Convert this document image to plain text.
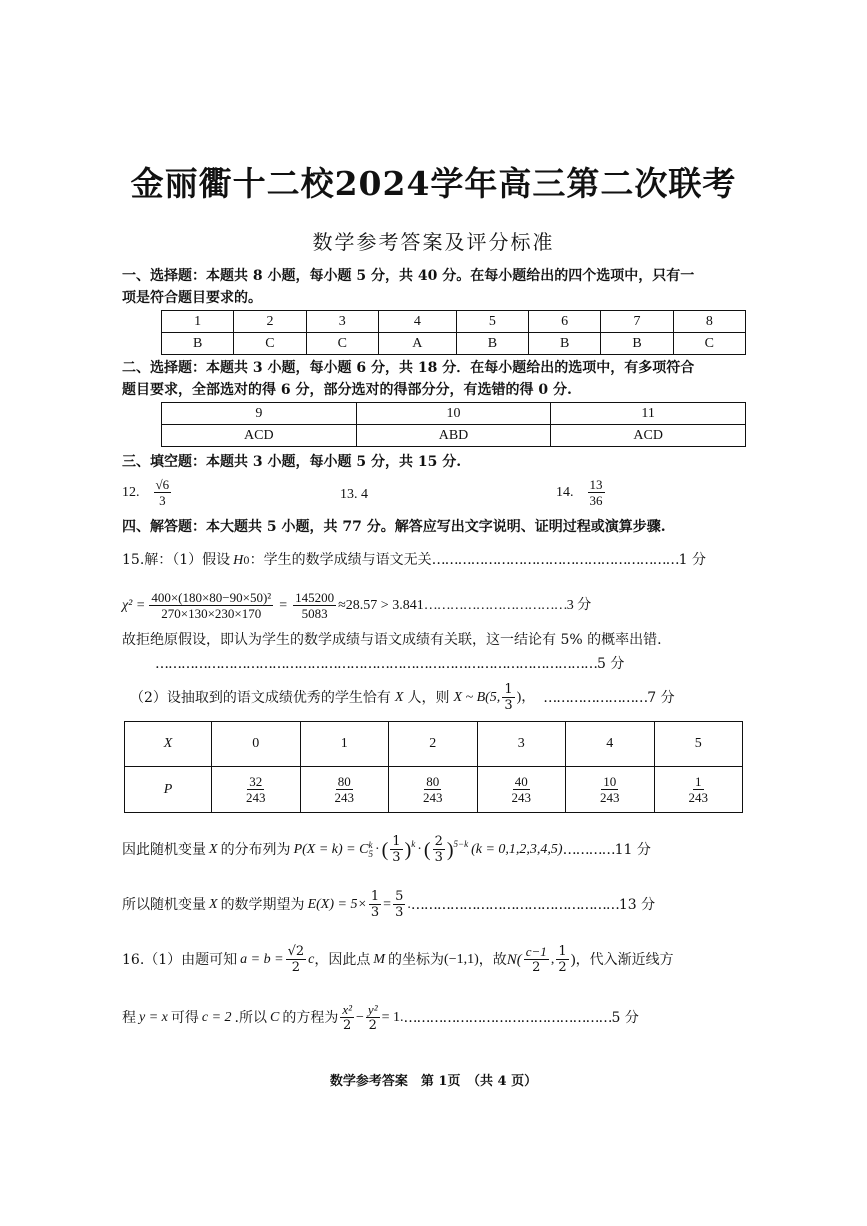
金丽衢十二校2024学年高三第二次联考
数学参考答案及评分标准
一、选择题：本题共 8 小题，每小题 5 分，共 40 分。在每小题给出的四个选项中，只有一
项是符合题目要求的。
1	2	3	4	5	6	7	8
B	C	C	A	B	B	B	C
二、选择题：本题共 3 小题，每小题 6 分，共 18 分．在每小题给出的选项中，有多项符合
题目要求，全部选对的得 6 分，部分选对的得部分分，有选错的得 0 分.
9	10	11
ACD	ABD	ACD
三、填空题：本题共 3 小题，每小题 5 分，共 15 分.
12. $\frac{√6}{3}$	13. 4	14. $\frac{13}{36}$
四、解答题：本大题共 5 小题，共 77 分。解答应写出文字说明、证明过程或演算步骤.
15.解：（1）假设 H 0 ：学生的数学成绩与语文无关 ………………………………………………… 1 分
$\chi^2 = \frac{\text{400×(180×80−90×50)²}}{270\times 130\times 230\times 170} = \frac{145200}{5083} \approx 28.57 > 3.841$ …………………………… 3 分
故拒绝原假设，即认为学生的数学成绩与语文成绩有关联，这一结论有 5% 的概率出错.
………………………………………………………………………………………… 5 分
（2）设抽取到的语文成绩优秀的学生恰有 X 人，则 X ~ B(5, $\frac{1}{3}$ )， …………………… 7 分
X	0	1	2	3	4	5
P	$\frac{32}{243}$	$\frac{80}{243}$	$\frac{80}{243}$	$\frac{40}{243}$	$\frac{10}{243}$	$\frac{1}{243}$
因此随机变量 X 的分布列为 P(X = k) = C k
5 · ( $\frac{1}{3} )^k$ · ( $\frac{2}{3} )^{5-k}$ (k = 0,1,2,3,4,5) ………… 11 分
所以随机变量 X 的数学期望为 $E(X) = 5\times \frac{1}{3} = \frac{5}{3}$ . ………………………………………… 13 分
16.（1）由题可知 $a = b = \frac{√2}{2}$ c ，因此点 M 的坐标为 (−1,1) ，故 $N( \frac{c-1}{2}$ , $\frac{1}{2}$ ) ，代入渐近线方
程 y = x 可得 c = 2 .所以 C 的方程为 $\frac{\text{x²}}{2} - \frac{\text{y²}}{2} = 1$. ………………………………………… 5 分
数学参考答案　第 1页　（共 4 页）
